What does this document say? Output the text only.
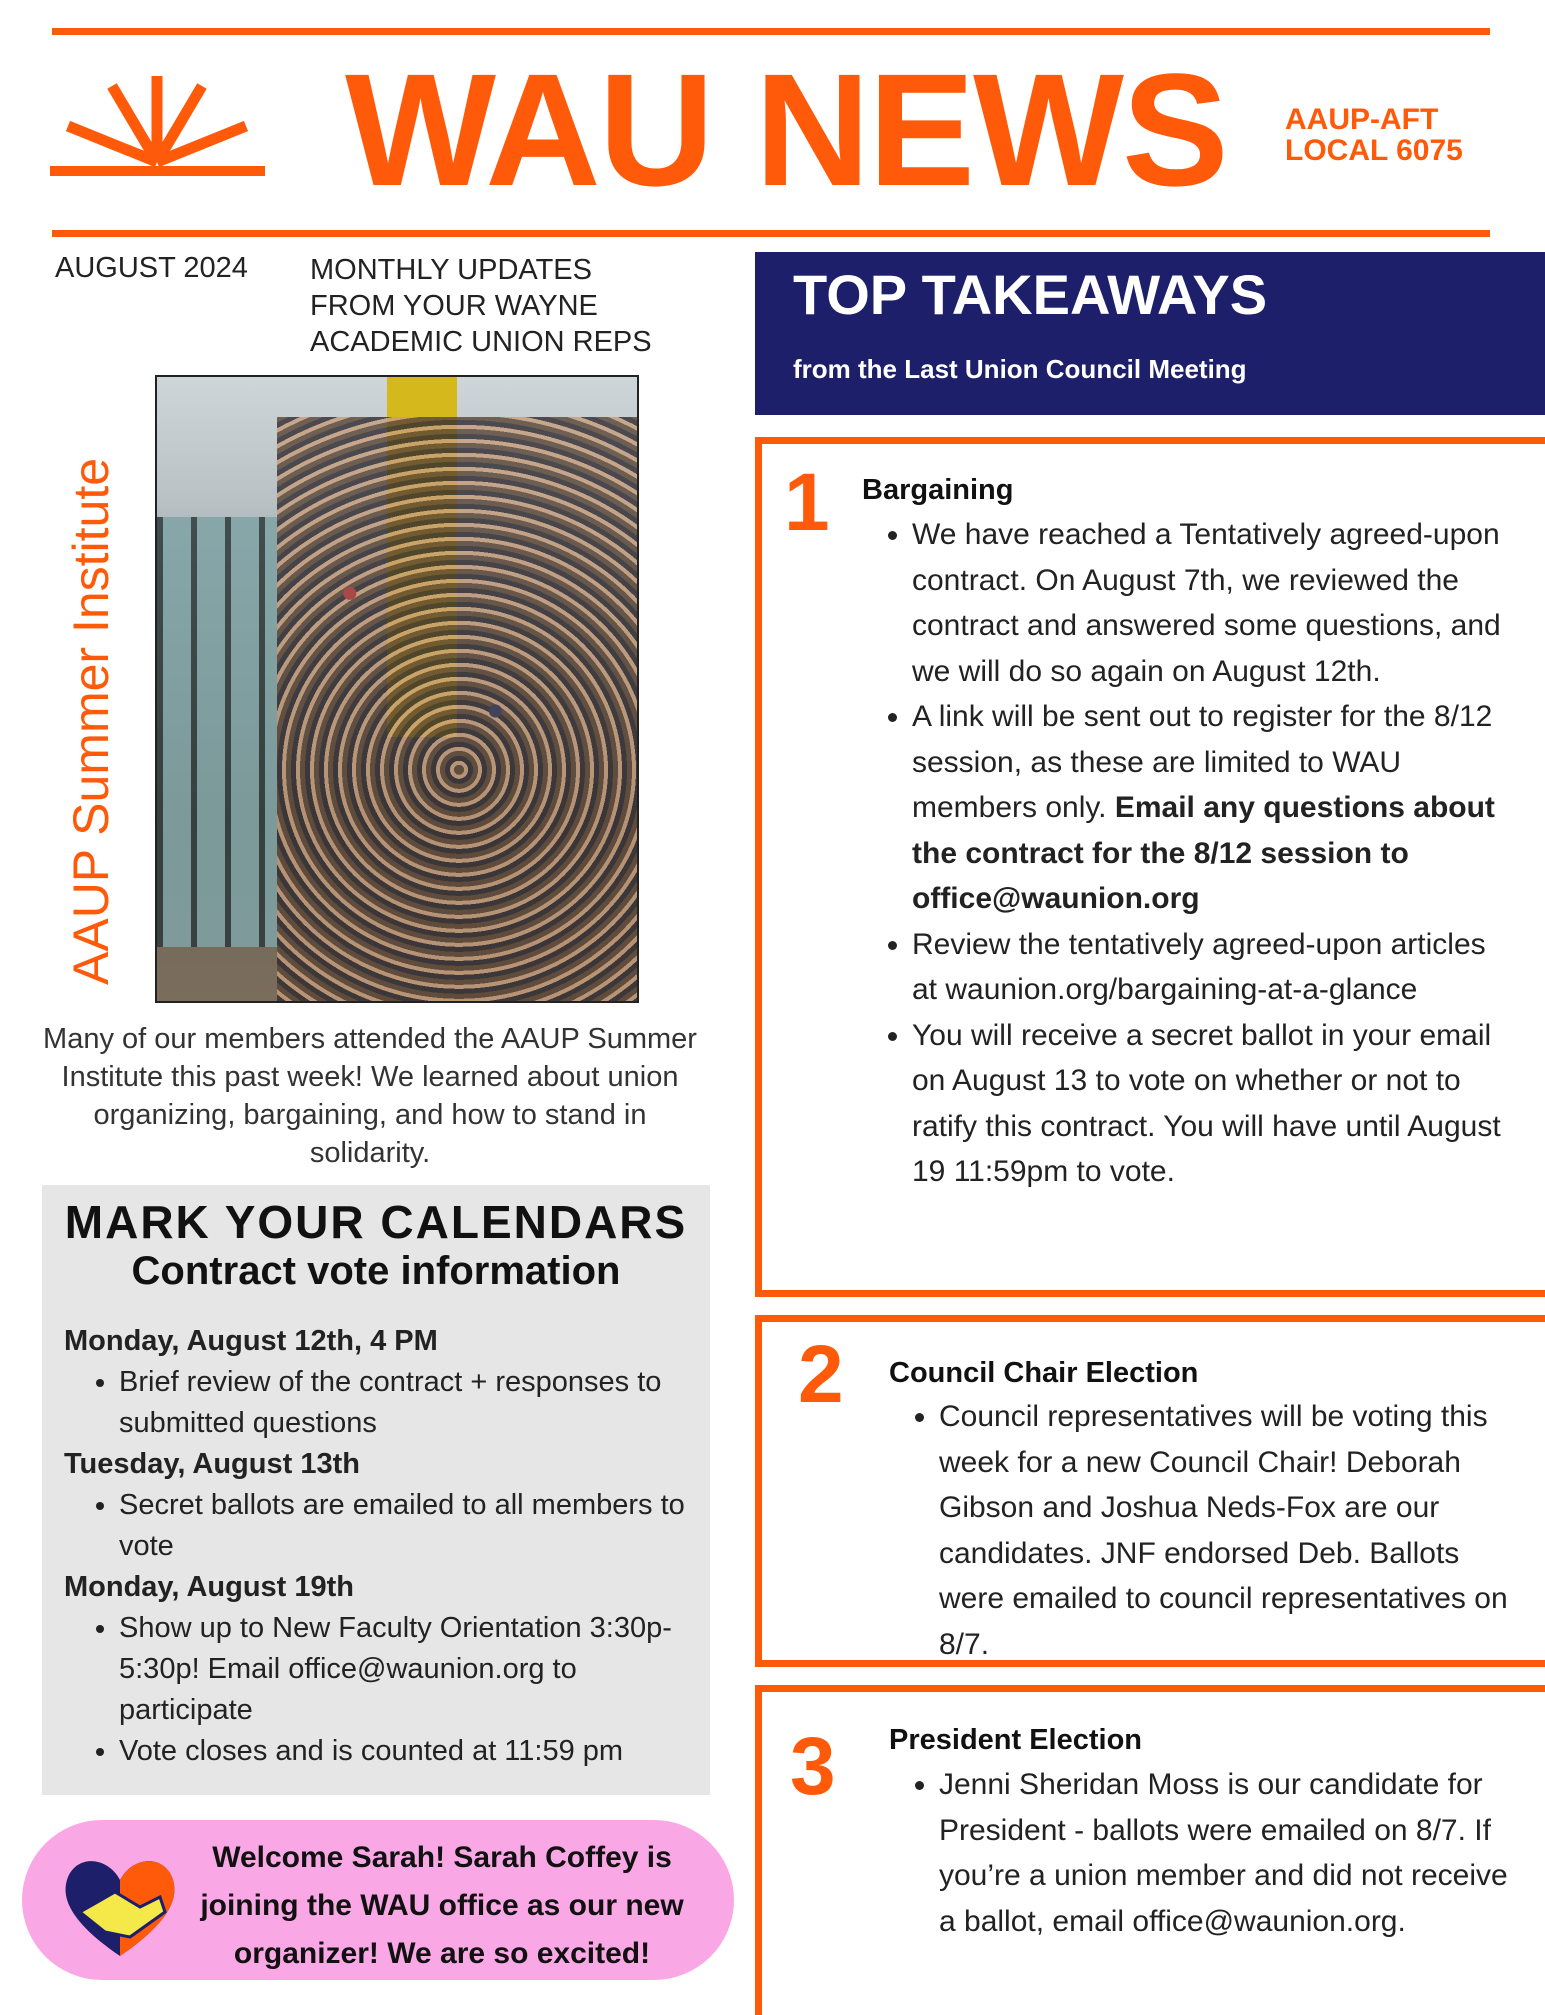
WAU NEWS AAUP-AFT
LOCAL 6075
AUGUST 2024 MONTHLY UPDATES
FROM YOUR WAYNE
ACADEMIC UNION REPS
AAUP Summer Institute
Many of our members attended the AAUP Summer Institute this past week! We learned about union organizing, bargaining, and how to stand in solidarity.
MARK YOUR CALENDARS
Contract vote information
Monday, August 12th, 4 PM
• Brief review of the contract + responses to submitted questions
Tuesday, August 13th
• Secret ballots are emailed to all members to vote
Monday, August 19th
• Show up to New Faculty Orientation 3:30p-5:30p! Email office@waunion.org to participate
• Vote closes and is counted at 11:59 pm
Welcome Sarah! Sarah Coffey is joining the WAU office as our new organizer! We are so excited!
TOP TAKEAWAYS
from the Last Union Council Meeting
1 Bargaining
• We have reached a Tentatively agreed-upon contract. On August 7th, we reviewed the contract and answered some questions, and we will do so again on August 12th.
• A link will be sent out to register for the 8/12 session, as these are limited to WAU members only. Email any questions about the contract for the 8/12 session to office@waunion.org
• Review the tentatively agreed-upon articles at waunion.org/bargaining-at-a-glance
• You will receive a secret ballot in your email on August 13 to vote on whether or not to ratify this contract. You will have until August 19 11:59pm to vote.
2 Council Chair Election
• Council representatives will be voting this week for a new Council Chair! Deborah Gibson and Joshua Neds-Fox are our candidates. JNF endorsed Deb. Ballots were emailed to council representatives on 8/7.
3 President Election
• Jenni Sheridan Moss is our candidate for President - ballots were emailed on 8/7. If you’re a union member and did not receive a ballot, email office@waunion.org.
